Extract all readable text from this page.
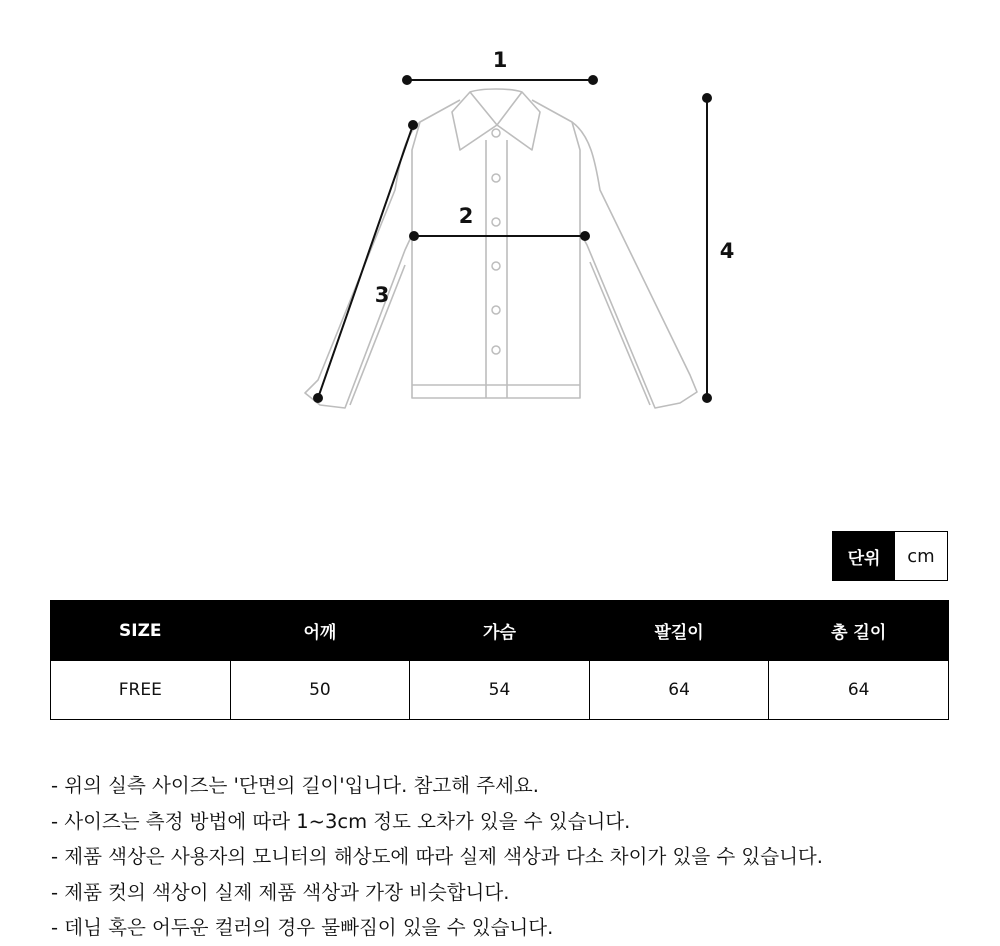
1
2
3
4
단위	cm
SIZE	어깨	가슴	팔길이	총 길이
FREE	50	54	64	64
- 위의 실측 사이즈는 '단면의 길이'입니다. 참고해 주세요.
- 사이즈는 측정 방법에 따라 1~3cm 정도 오차가 있을 수 있습니다.
- 제품 색상은 사용자의 모니터의 해상도에 따라 실제 색상과 다소 차이가 있을 수 있습니다.
- 제품 컷의 색상이 실제 제품 색상과 가장 비슷합니다.
- 데님 혹은 어두운 컬러의 경우 물빠짐이 있을 수 있습니다.
